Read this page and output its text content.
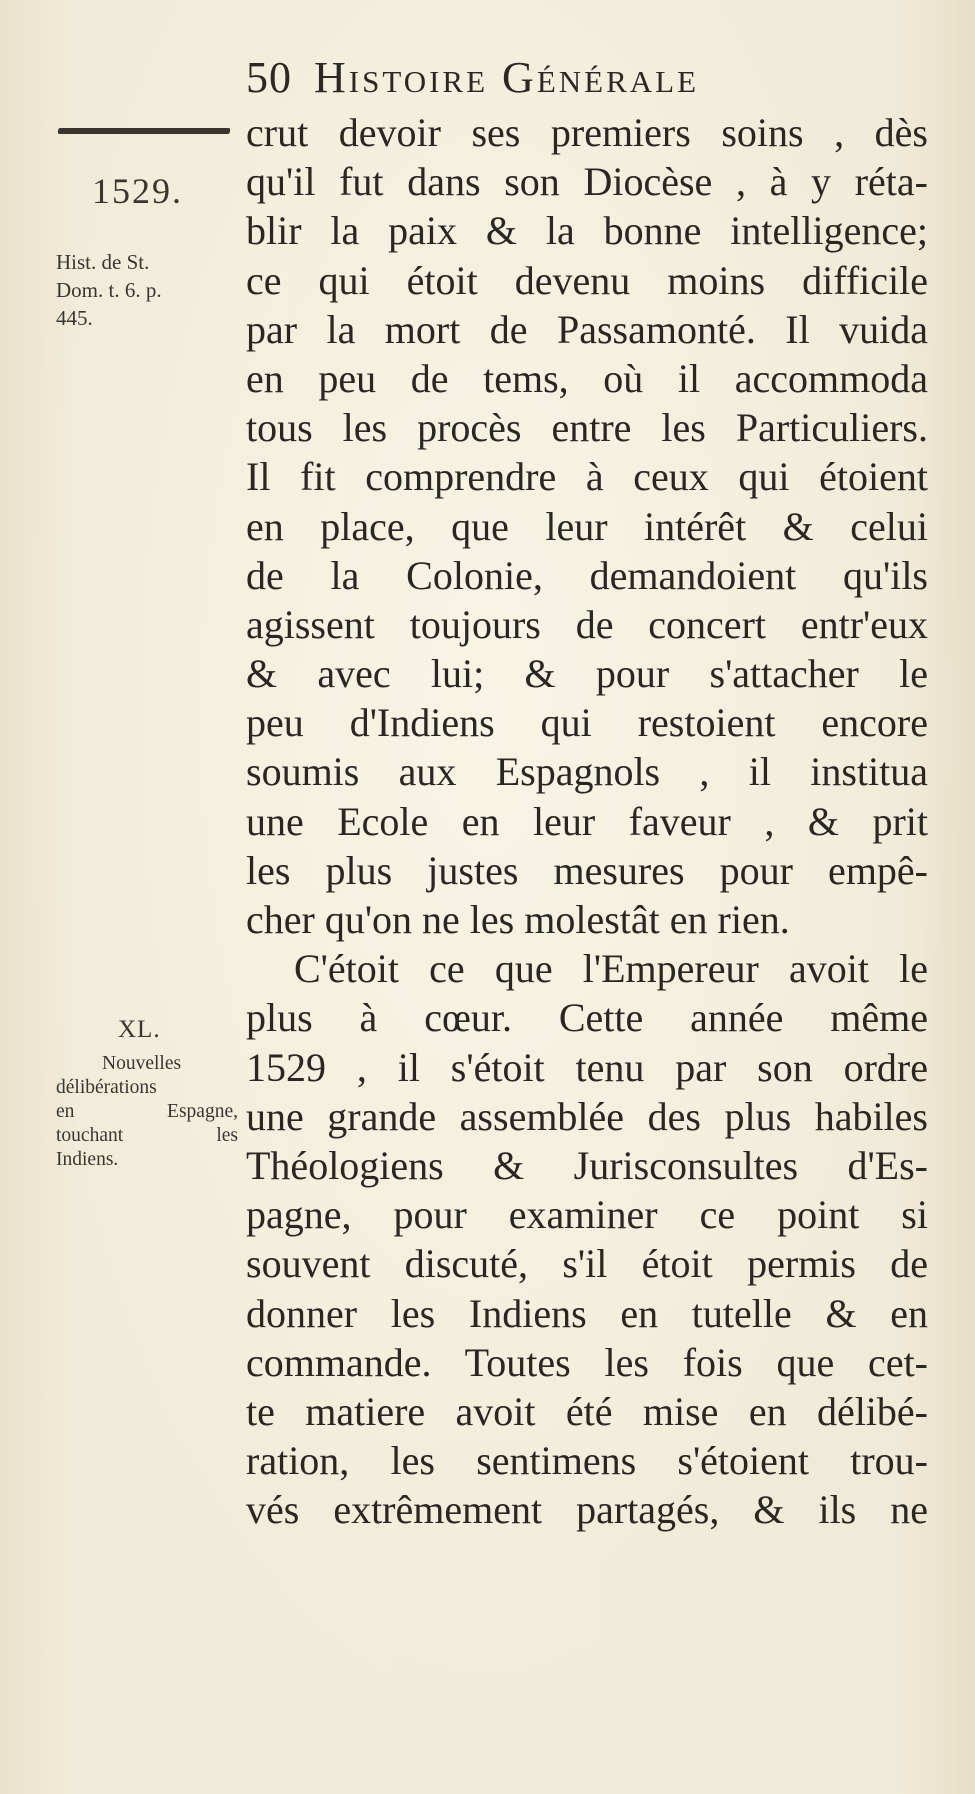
50 Histoire Générale
1529.
Hist. de St.
Dom. t. 6. p.
445.
XL.
Nouvelles
délibérations
en Espagne,
touchant les
Indiens.
crut devoir ses premiers soins , dès
qu'il fut dans son Diocèse , à y réta-
blir la paix & la bonne intelligence;
ce qui étoit devenu moins difficile
par la mort de Passamonté. Il vuida
en peu de tems, où il accommoda
tous les procès entre les Particuliers.
Il fit comprendre à ceux qui étoient
en place, que leur intérêt & celui
de la Colonie, demandoient qu'ils
agissent toujours de concert entr'eux
& avec lui; & pour s'attacher le
peu d'Indiens qui restoient encore
soumis aux Espagnols , il institua
une Ecole en leur faveur , & prit
les plus justes mesures pour empê-
cher qu'on ne les molestât en rien.
C'étoit ce que l'Empereur avoit le
plus à cœur. Cette année même
1529 , il s'étoit tenu par son ordre
une grande assemblée des plus habiles
Théologiens & Jurisconsultes d'Es-
pagne, pour examiner ce point si
souvent discuté, s'il étoit permis de
donner les Indiens en tutelle & en
commande. Toutes les fois que cet-
te matiere avoit été mise en délibé-
ration, les sentimens s'étoient trou-
vés extrêmement partagés, & ils ne
